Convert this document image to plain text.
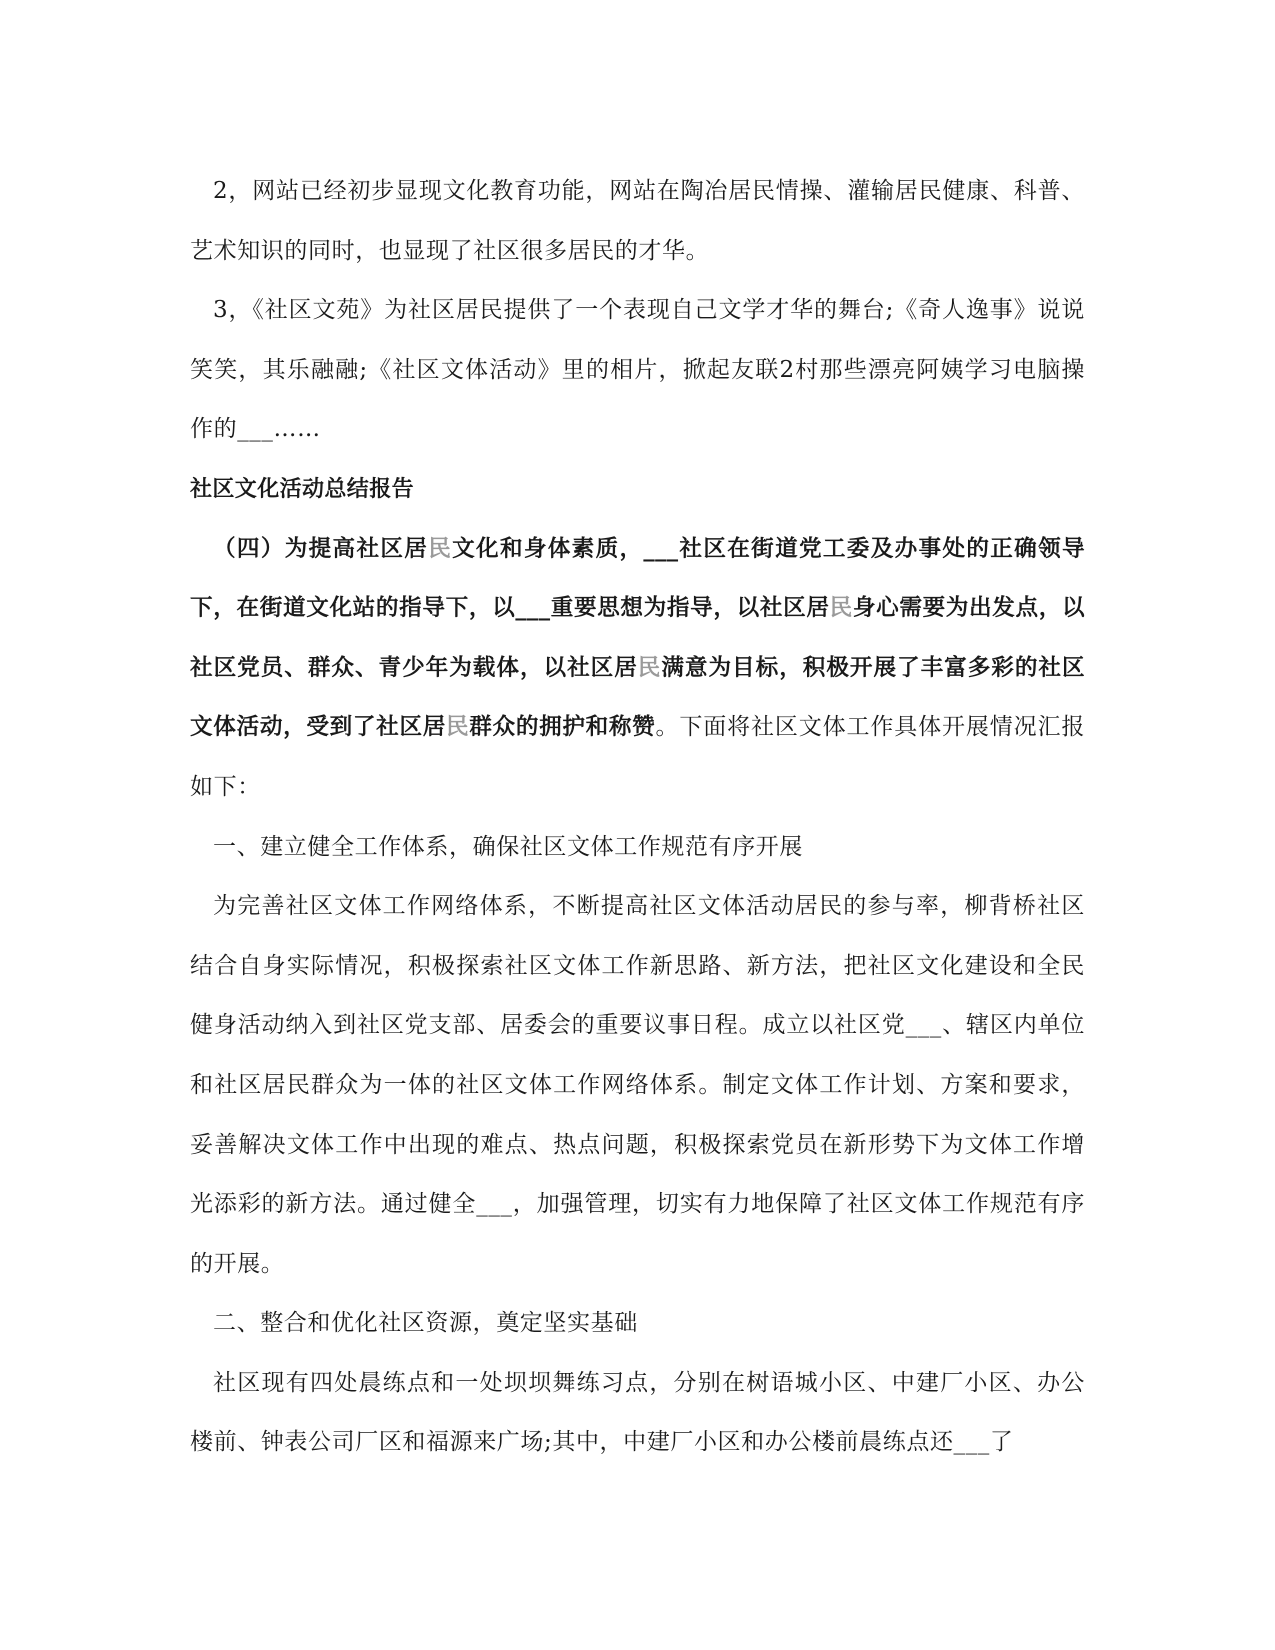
2，网站已经初步显现文化教育功能，网站在陶冶居民情操、灌输居民健康、科普、艺术知识的同时，也显现了社区很多居民的才华。

3，《社区文苑》为社区居民提供了一个表现自己文学才华的舞台;《奇人逸事》说说笑笑，其乐融融;《社区文体活动》里的相片，掀起友联2村那些漂亮阿姨学习电脑操作的___……

社区文化活动总结报告

（四）为提高社区居民文化和身体素质，___社区在街道党工委及办事处的正确领导下，在街道文化站的指导下，以___重要思想为指导，以社区居民身心需要为出发点，以社区党员、群众、青少年为载体，以社区居民满意为目标，积极开展了丰富多彩的社区文体活动，受到了社区居民群众的拥护和称赞。下面将社区文体工作具体开展情况汇报如下：

一、建立健全工作体系，确保社区文体工作规范有序开展

为完善社区文体工作网络体系，不断提高社区文体活动居民的参与率，柳背桥社区结合自身实际情况，积极探索社区文体工作新思路、新方法，把社区文化建设和全民健身活动纳入到社区党支部、居委会的重要议事日程。成立以社区党___、辖区内单位和社区居民群众为一体的社区文体工作网络体系。制定文体工作计划、方案和要求，妥善解决文体工作中出现的难点、热点问题，积极探索党员在新形势下为文体工作增光添彩的新方法。通过健全___，加强管理，切实有力地保障了社区文体工作规范有序的开展。

二、整合和优化社区资源，奠定坚实基础

社区现有四处晨练点和一处坝坝舞练习点，分别在树语城小区、中建厂小区、办公楼前、钟表公司厂区和福源来广场;其中，中建厂小区和办公楼前晨练点还___了
